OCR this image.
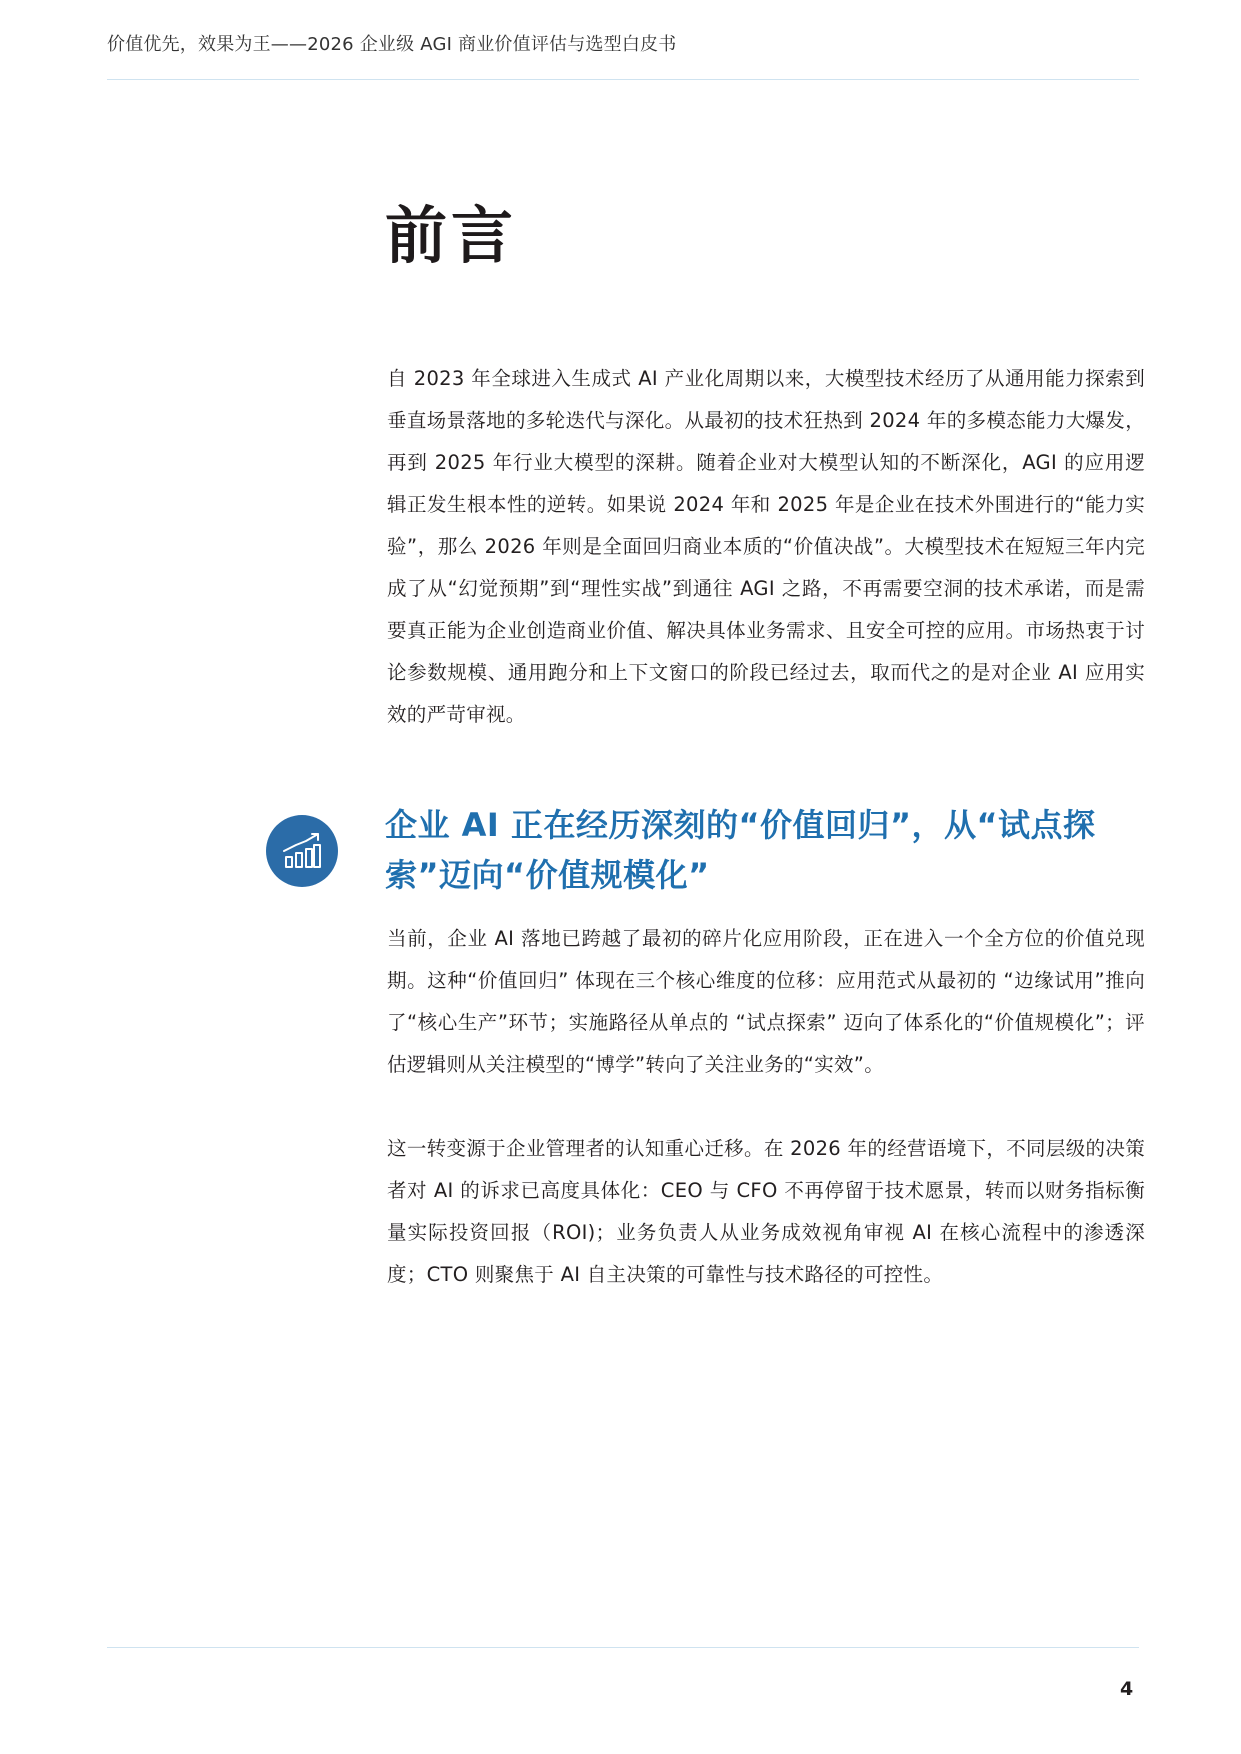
价值优先，效果为王——2026 企业级 AGI 商业价值评估与选型白皮书
前言

自 2023 年全球进入生成式 AI 产业化周期以来，大模型技术经历了从通用能力探索到垂直场景落地的多轮迭代与深化。从最初的技术狂热到 2024 年的多模态能力大爆发，再到 2025 年行业大模型的深耕。随着企业对大模型认知的不断深化，AGI 的应用逻辑正发生根本性的逆转。如果说 2024 年和 2025 年是企业在技术外围进行的“能力实验”，那么 2026 年则是全面回归商业本质的“价值决战”。大模型技术在短短三年内完成了从“幻觉预期”到“理性实战”到通往 AGI 之路，不再需要空洞的技术承诺，而是需要真正能为企业创造商业价值、解决具体业务需求、且安全可控的应用。市场热衷于讨论参数规模、通用跑分和上下文窗口的阶段已经过去，取而代之的是对企业 AI 应用实效的严苛审视。

企业 AI 正在经历深刻的“价值回归”，从“试点探索”迈向“价值规模化”

当前，企业 AI 落地已跨越了最初的碎片化应用阶段，正在进入一个全方位的价值兑现期。这种“价值回归” 体现在三个核心维度的位移：应用范式从最初的 “边缘试用”推向了“核心生产”环节；实施路径从单点的 “试点探索” 迈向了体系化的“价值规模化”；评估逻辑则从关注模型的“博学”转向了关注业务的“实效”。

这一转变源于企业管理者的认知重心迁移。在 2026 年的经营语境下，不同层级的决策者对 AI 的诉求已高度具体化：CEO 与 CFO 不再停留于技术愿景，转而以财务指标衡量实际投资回报（ROI)；业务负责人从业务成效视角审视 AI 在核心流程中的渗透深度；CTO 则聚焦于 AI 自主决策的可靠性与技术路径的可控性。

4
